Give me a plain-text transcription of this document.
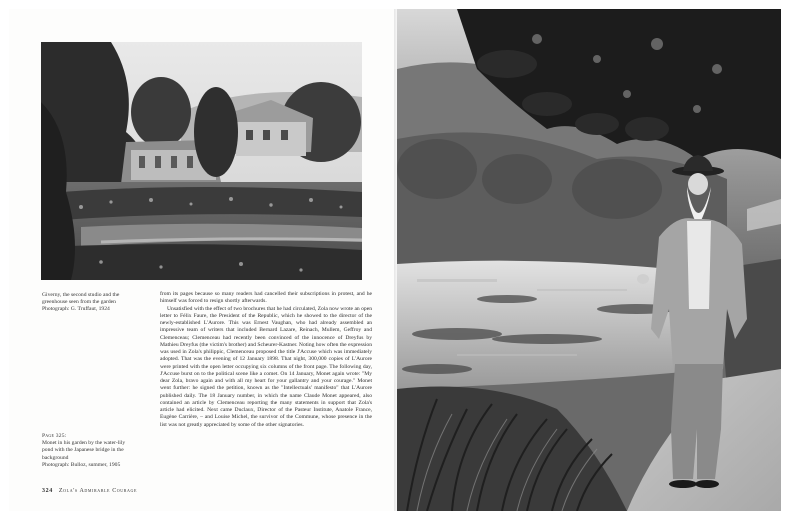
Giverny, the second studio and the
greenhouse seen from the garden
Photograph: G. Truffaut, 1924
Page 325:
Monet in his garden by the water-lily
pond with the Japanese bridge in the
background
Photograph: Bulloz, summer, 1905

from its pages because so many readers had cancelled their subscriptions in protest, and he himself was forced to resign shortly afterwards.

Unsatisfied with the effect of two brochures that he had circulated, Zola now wrote an open letter to Félix Faure, the President of the Republic, which he showed to the director of the newly-established L'Aurore. This was Ernest Vaughan, who had already assembled an impressive team of writers that included Bernard Lazare, Reinach, Mullem, Geffroy and Clemenceau; Clemenceau had recently been convinced of the innocence of Dreyfus by Mathieu Dreyfus (the victim's brother) and Scheurer-Kastner. Noting how often the expression was used in Zola's philippic, Clemenceau proposed the title J'Accuse which was immediately adopted. That was the evening of 12 January 1898. That night, 300,000 copies of L'Aurore were printed with the open letter occupying six columns of the front page. The following day, J'Accuse burst on to the political scene like a comet. On 14 January, Monet again wrote: "My dear Zola, bravo again and with all my heart for your gallantry and your courage." Monet went further: he signed the petition, known as the "Intellectuals' manifesto" that L'Aurore published daily. The 18 January number, in which the name Claude Monet appeared, also contained an article by Clemenceau reporting the many statements in support that Zola's article had elicited. Next came Duclaux, Director of the Pasteur Institute, Anatole France, Eugène Carrière, – and Louise Michel, the survivor of the Commune, whose presence in the list was not greatly appreciated by some of the other signatories.

324 Zola's Admirable Courage
